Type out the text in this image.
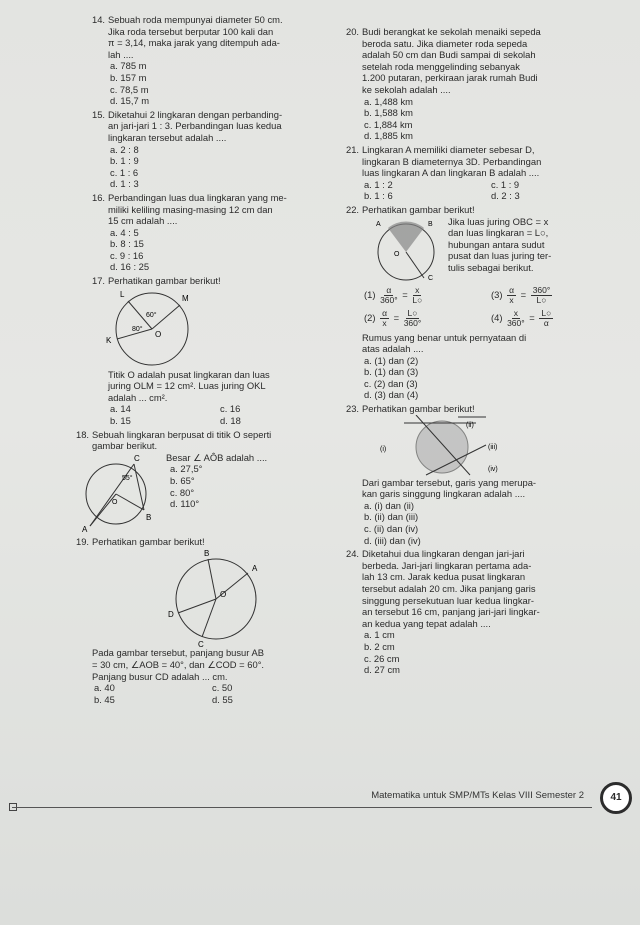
14. Sebuah roda mempunyai diameter 50 cm.
Jika roda tersebut berputar 100 kali dan
π = 3,14, maka jarak yang ditempuh ada-
lah ....
a. 785 m
b. 157 m
c. 78,5 m
d. 15,7 m
15. Diketahui 2 lingkaran dengan perbanding-
an jari-jari 1 : 3. Perbandingan luas kedua
lingkaran tersebut adalah ....
a. 2 : 8
b. 1 : 9
c. 1 : 6
d. 1 : 3
16. Perbandingan luas dua lingkaran yang me-
miliki keliling masing-masing 12 cm dan
15 cm adalah ....
a. 4 : 5
b. 8 : 15
c. 9 : 16
d. 16 : 25
17. Perhatikan gambar berikut!
L	M
K
O
60°
80°
Titik O adalah pusat lingkaran dan luas
juring OLM = 12 cm². Luas juring OKL
adalah ... cm².
a. 14	c. 16
b. 15	d. 18
18. Sebuah lingkaran berpusat di titik O seperti
gambar berikut.
C
A
B
O
55°
Besar ∠ AÔB adalah ....
a. 27,5°
b. 65°
c. 80°
d. 110°
19. Perhatikan gambar berikut!
B
A
D
C
O
Pada gambar tersebut, panjang busur AB
= 30 cm, ∠AOB = 40°, dan ∠COD = 60°.
Panjang busur CD adalah ... cm.
a. 40	c. 50
b. 45	d. 55
20. Budi berangkat ke sekolah menaiki sepeda
beroda satu. Jika diameter roda sepeda
adalah 50 cm dan Budi sampai di sekolah
setelah roda menggelinding sebanyak
1.200 putaran, perkiraan jarak rumah Budi
ke sekolah adalah ....
a. 1,488 km
b. 1,588 km
c. 1,884 km
d. 1,885 km
21. Lingkaran A memiliki diameter sebesar D,
lingkaran B diameternya 3D. Perbandingan
luas lingkaran A dan lingkaran B adalah ....
a. 1 : 2	c. 1 : 9
b. 1 : 6	d. 2 : 3
22. Perhatikan gambar berikut!
A	B
C
O
Jika luas juring OBC = x
dan luas lingkaran = L○,
hubungan antara sudut
pusat dan luas juring ter-
tulis sebagai berikut.
$(1) \frac{\alpha}{360^\circ} = \frac{x}{L○}$	$(3) \frac{\alpha}{x} = \frac{360^\circ}{L○}$
$(2) \frac{\alpha}{x} = \frac{L○}{360^\circ}$	$(4) \frac{x}{360^\circ} = \frac{L○}{\alpha}$
Rumus yang benar untuk pernyataan di
atas adalah ....
a. (1) dan (2)
b. (1) dan (3)
c. (2) dan (3)
d. (3) dan (4)
23. Perhatikan gambar berikut!
(i)
(ii)
(iii)
(iv)
Dari gambar tersebut, garis yang merupa-
kan garis singgung lingkaran adalah ....
a. (i) dan (ii)
b. (ii) dan (iii)
c. (ii) dan (iv)
d. (iii) dan (iv)
24. Diketahui dua lingkaran dengan jari-jari
berbeda. Jari-jari lingkaran pertama ada-
lah 13 cm. Jarak kedua pusat lingkaran
tersebut adalah 20 cm. Jika panjang garis
singgung persekutuan luar kedua lingkar-
an tersebut 16 cm, panjang jari-jari lingkar-
an kedua yang tepat adalah ....
a. 1 cm
b. 2 cm
c. 26 cm
d. 27 cm
Matematika untuk SMP/MTs Kelas VIII Semester 2	41
